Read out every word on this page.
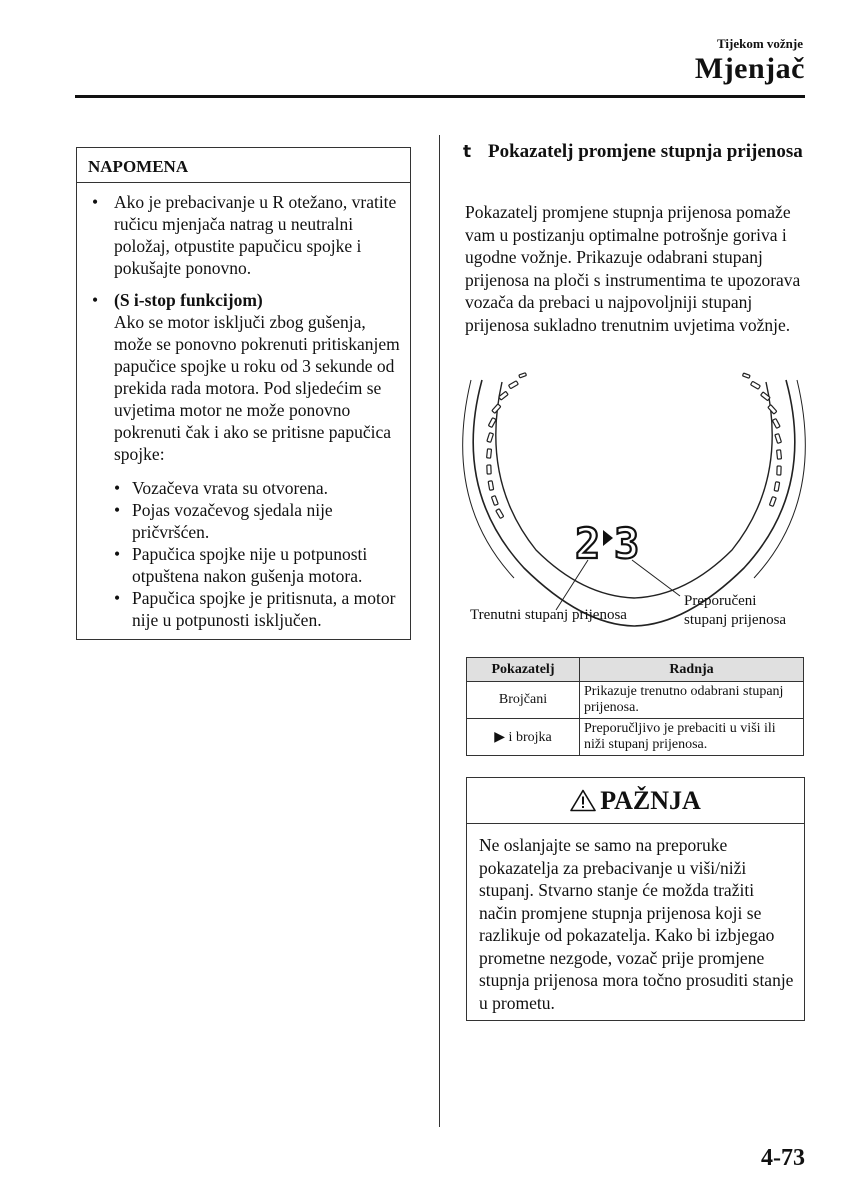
Tijekom vožnje
Mjenjač
NAPOMENA
• Ako je prebacivanje u R otežano, vratite ručicu mjenjača natrag u neutralni položaj, otpustite papučicu spojke i pokušajte ponovno.
• (S i-stop funkcijom)
Ako se motor isključi zbog gušenja, može se ponovno pokrenuti pritiskanjem papučice spojke u roku od 3 sekunde od prekida rada motora. Pod sljedećim se uvjetima motor ne može ponovno pokrenuti čak i ako se pritisne papučica spojke:
• Vozačeva vrata su otvorena.
• Pojas vozačevog sjedala nije pričvršćen.
• Papučica spojke nije u potpunosti otpuštena nakon gušenja motora.
• Papučica spojke je pritisnuta, a motor nije u potpunosti isključen.
t Pokazatelj promjene stupnja prijenosa
Pokazatelj promjene stupnja prijenosa pomaže vam u postizanju optimalne potrošnje goriva i ugodne vožnje. Prikazuje odabrani stupanj prijenosa na ploči s instrumentima te upozorava vozača da prebaci u najpovoljniji stupanj prijenosa sukladno trenutnim uvjetima vožnje.
2 3
Trenutni stupanj prijenosa
Preporučeni
stupanj prijenosa
Pokazatelj	Radnja
Brojčani	Prikazuje trenutno odabrani stupanj prijenosa.
▶ i brojka	Preporučljivo je prebaciti u viši ili niži stupanj prijenosa.
PAŽNJA
Ne oslanjajte se samo na preporuke pokazatelja za prebacivanje u viši/niži stupanj. Stvarno stanje će možda tražiti način promjene stupnja prijenosa koji se razlikuje od pokazatelja. Kako bi izbjegao prometne nezgode, vozač prije promjene stupnja prijenosa mora točno prosuditi stanje u prometu.
4-73
